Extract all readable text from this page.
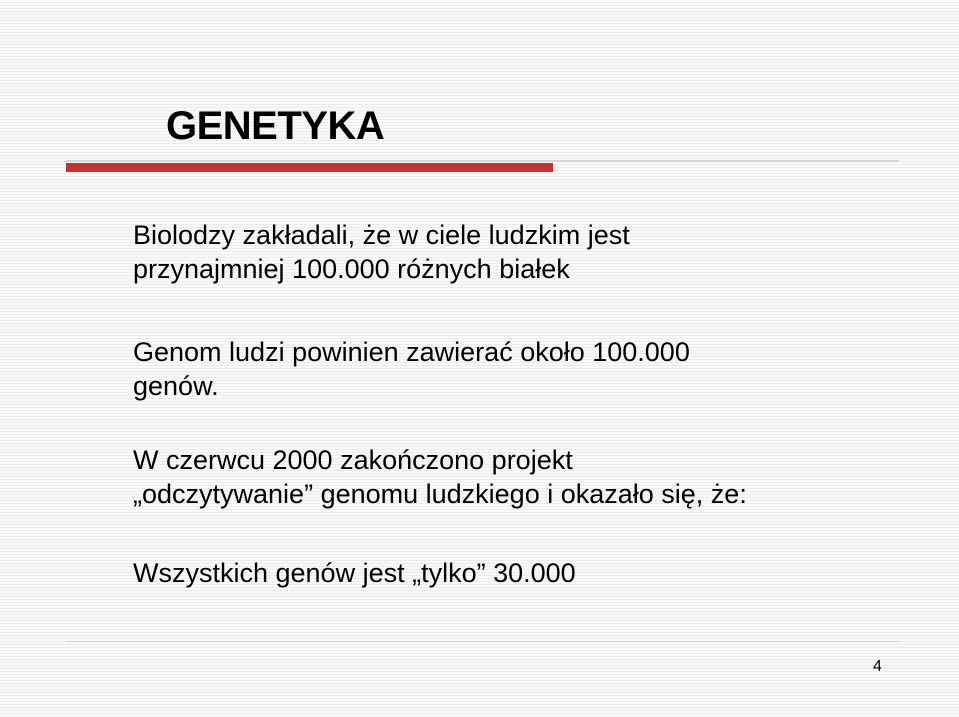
GENETYKA

Biolodzy zakładali, że w ciele ludzkim jest
przynajmniej 100.000 różnych białek

Genom ludzi powinien zawierać około 100.000
genów.

W czerwcu 2000 zakończono projekt
„odczytywanie” genomu ludzkiego i okazało się, że:

Wszystkich genów jest „tylko” 30.000

4
